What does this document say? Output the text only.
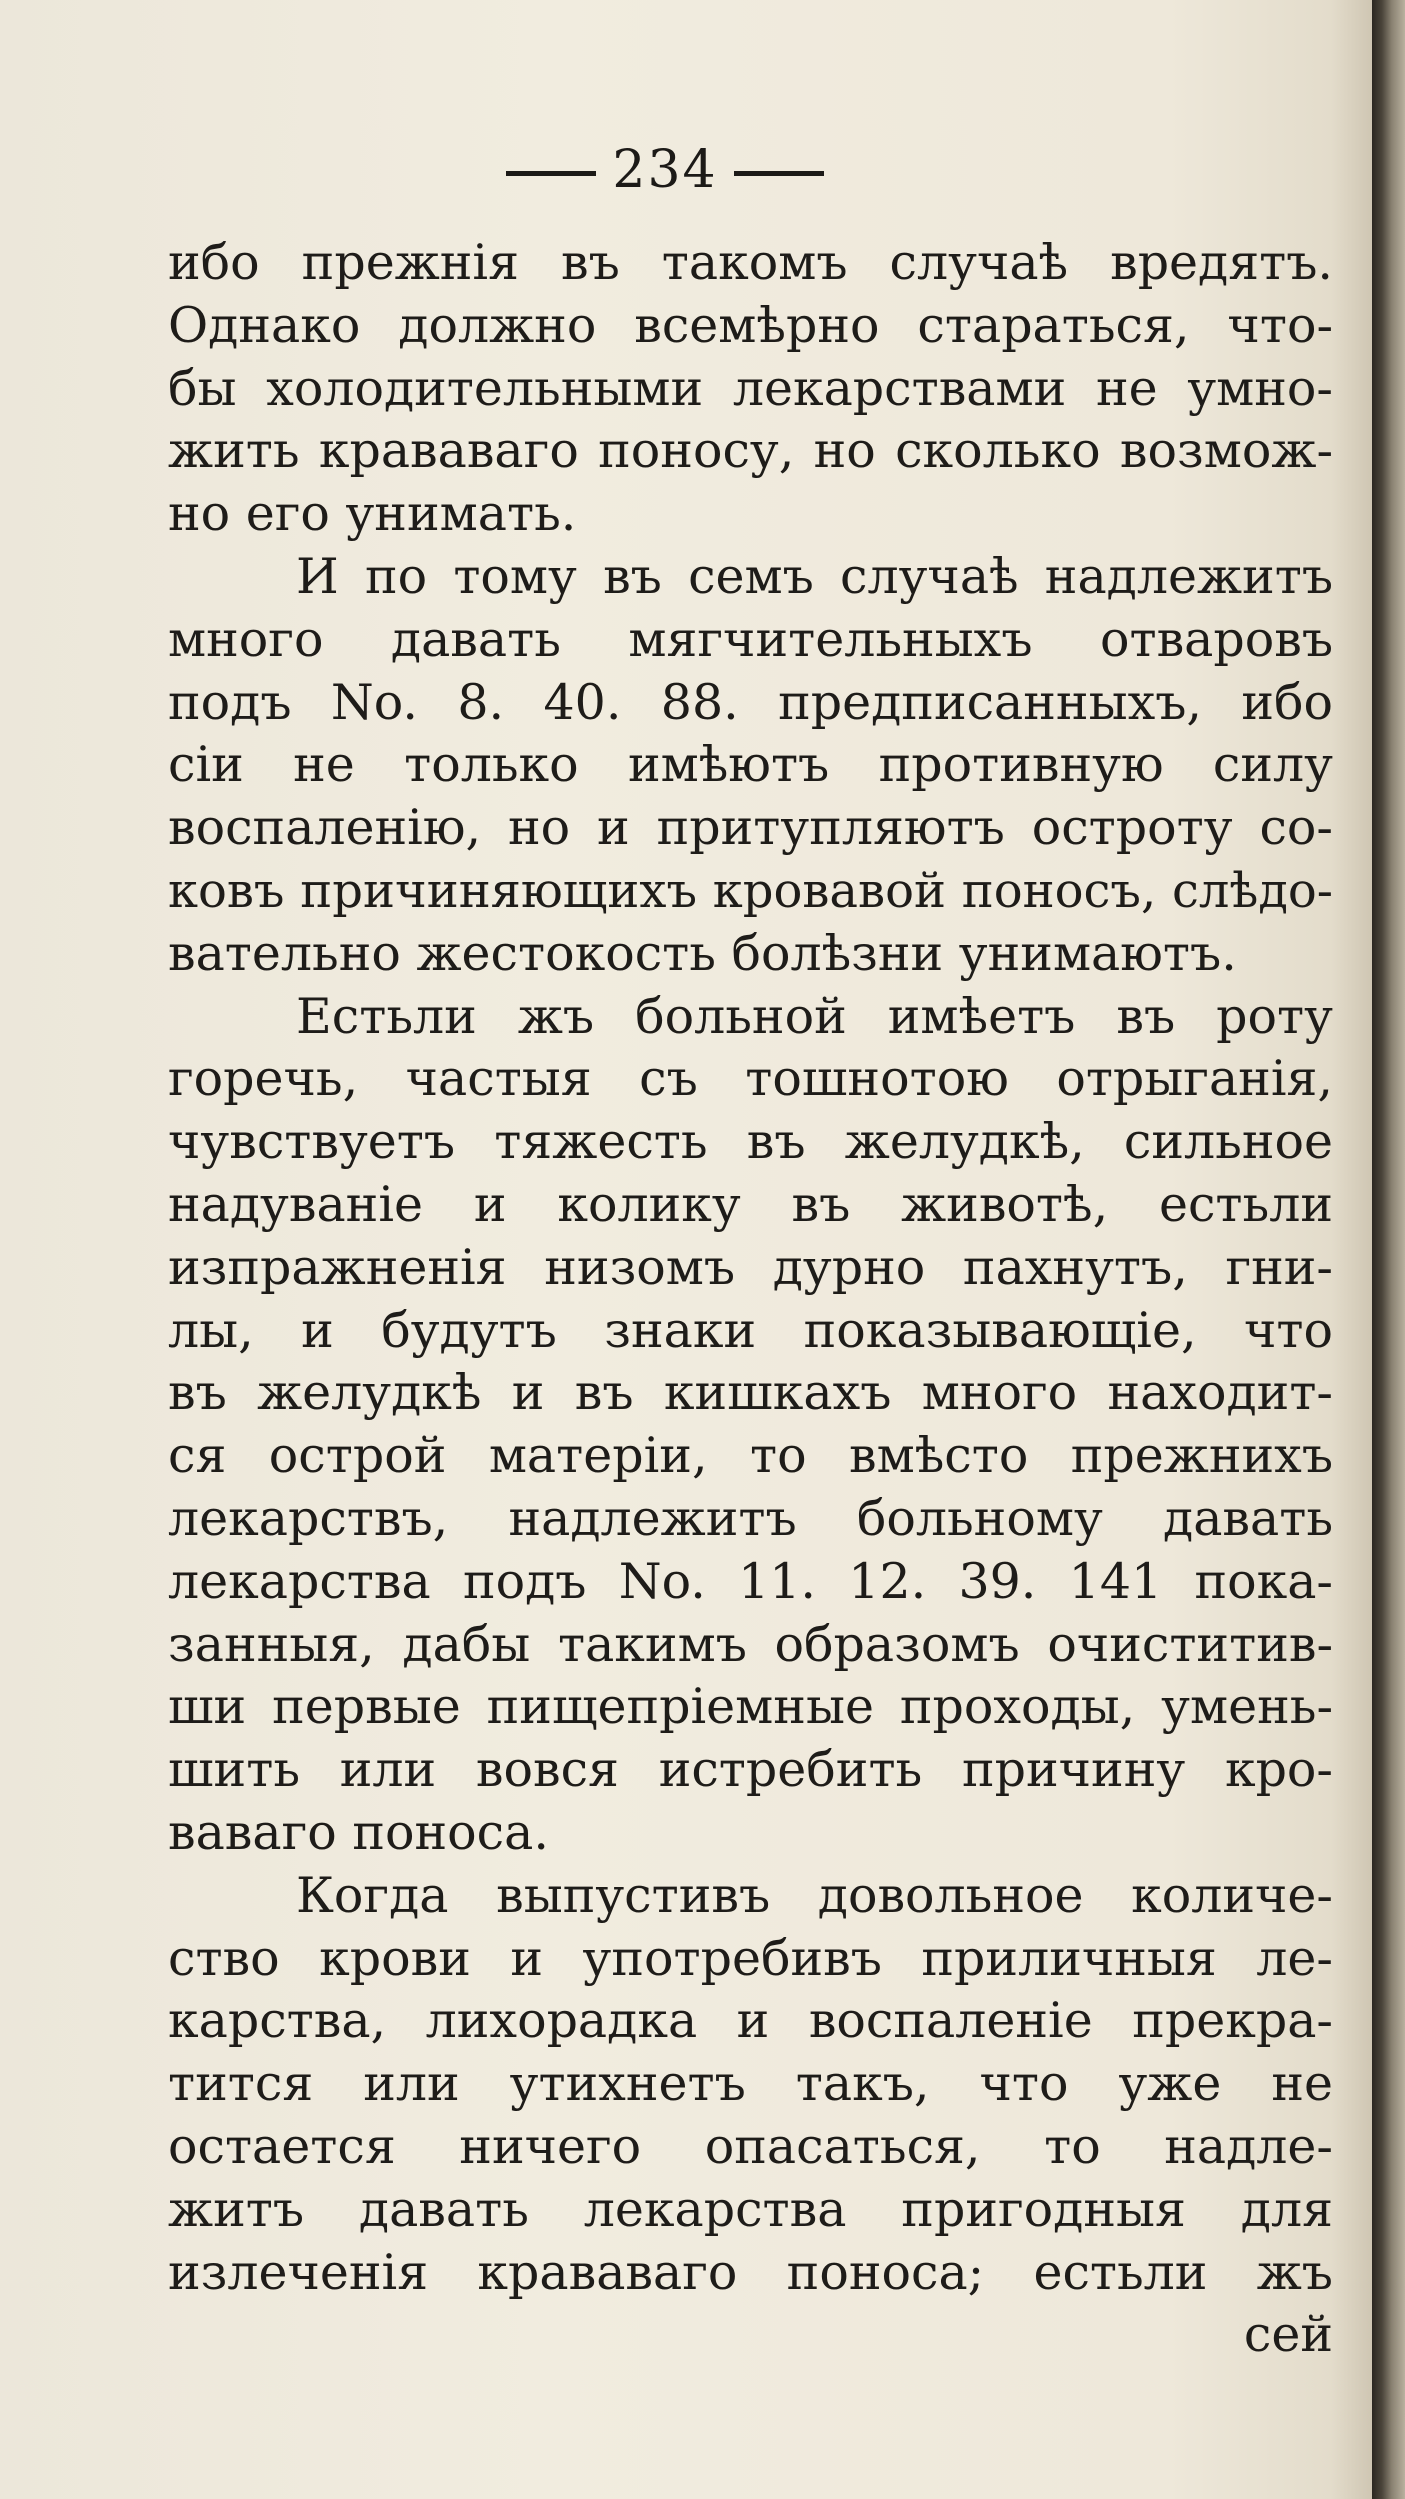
234
ибо прежнія въ такомъ случаѣ вредятъ.
Однако должно всемѣрно стараться, что-
бы холодительными лекарствами не умно-
жить крававаго поносу, но сколько возмож-
но его унимать.
И по тому въ семъ случаѣ надлежитъ
много давать мягчительныхъ отваровъ
подъ No. 8. 40. 88. предписанныхъ, ибо
сіи не только имѣютъ противную силу
воспаленію, но и притупляютъ остроту со-
ковъ причиняющихъ кровавой поносъ, слѣдо-
вательно жестокость болѣзни унимаютъ.
Естьли жъ больной имѣетъ въ роту
горечь, частыя съ тошнотою отрыганія,
чувствуетъ тяжесть въ желудкѣ, сильное
надуваніе и колику въ животѣ, естьли
изпражненія низомъ дурно пахнутъ, гни-
лы, и будутъ знаки показывающіе, что
въ желудкѣ и въ кишкахъ много находит-
ся острой матеріи, то вмѣсто прежнихъ
лекарствъ, надлежитъ больному давать
лекарства подъ No. 11. 12. 39. 141 пока-
занныя, дабы такимъ образомъ очиститив-
ши первые пищепріемные проходы, умень-
шить или вовся истребить причину кро-
вaваго поноса.
Когда выпустивъ довольное количе-
ство крови и употребивъ приличныя ле-
карства, лихорадка и воспаленіе прекра-
тится или утихнетъ такъ, что уже не
остается ничего опасаться, то надле-
житъ давать лекарства пригодныя для
излеченія крававаго поноса; естьли жъ
сей
